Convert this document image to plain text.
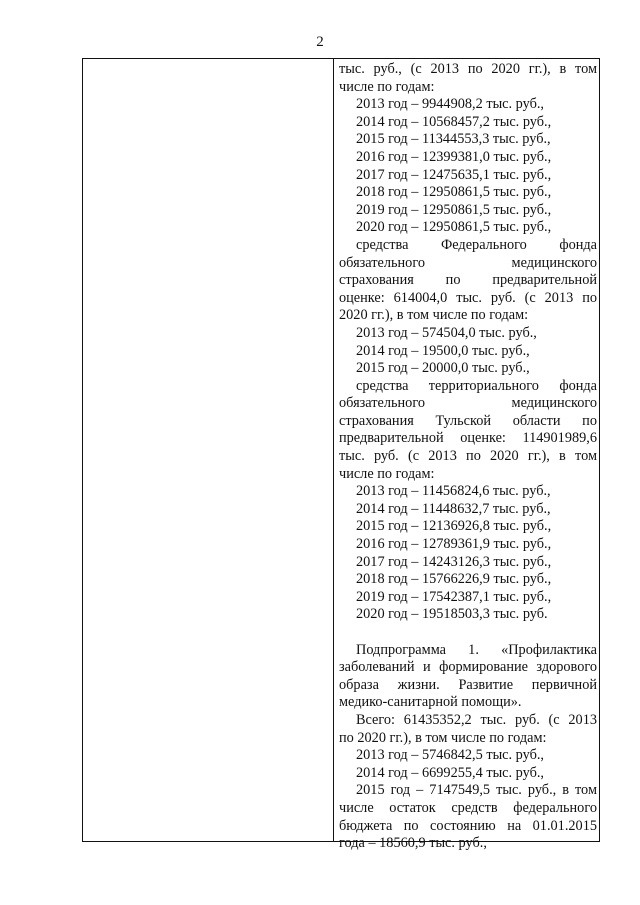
2
тыс. руб., (с 2013 по 2020 гг.), в том
числе по годам:
2013 год – 9944908,2 тыс. руб.,
2014 год – 10568457,2 тыс. руб.,
2015 год – 11344553,3 тыс. руб.,
2016 год – 12399381,0 тыс. руб.,
2017 год – 12475635,1 тыс. руб.,
2018 год – 12950861,5 тыс. руб.,
2019 год – 12950861,5 тыс. руб.,
2020 год – 12950861,5 тыс. руб.,
средства Федерального фонда
обязательного медицинского
страхования по предварительной
оценке: 614004,0 тыс. руб. (с 2013 по
2020 гг.), в том числе по годам:
2013 год – 574504,0 тыс. руб.,
2014 год – 19500,0 тыс. руб.,
2015 год – 20000,0 тыс. руб.,
средства территориального фонда
обязательного медицинского
страхования Тульской области по
предварительной оценке: 114901989,6
тыс. руб. (с 2013 по 2020 гг.), в том
числе по годам:
2013 год – 11456824,6 тыс. руб.,
2014 год – 11448632,7 тыс. руб.,
2015 год – 12136926,8 тыс. руб.,
2016 год – 12789361,9 тыс. руб.,
2017 год – 14243126,3 тыс. руб.,
2018 год – 15766226,9 тыс. руб.,
2019 год – 17542387,1 тыс. руб.,
2020 год – 19518503,3 тыс. руб.
Подпрограмма 1. «Профилактика
заболеваний и формирование здорового
образа жизни. Развитие первичной
медико-санитарной помощи».
Всего: 61435352,2 тыс. руб. (с 2013
по 2020 гг.), в том числе по годам:
2013 год – 5746842,5 тыс. руб.,
2014 год – 6699255,4 тыс. руб.,
2015 год – 7147549,5 тыс. руб., в том
числе остаток средств федерального
бюджета по состоянию на 01.01.2015
года – 18560,9 тыс. руб.,
